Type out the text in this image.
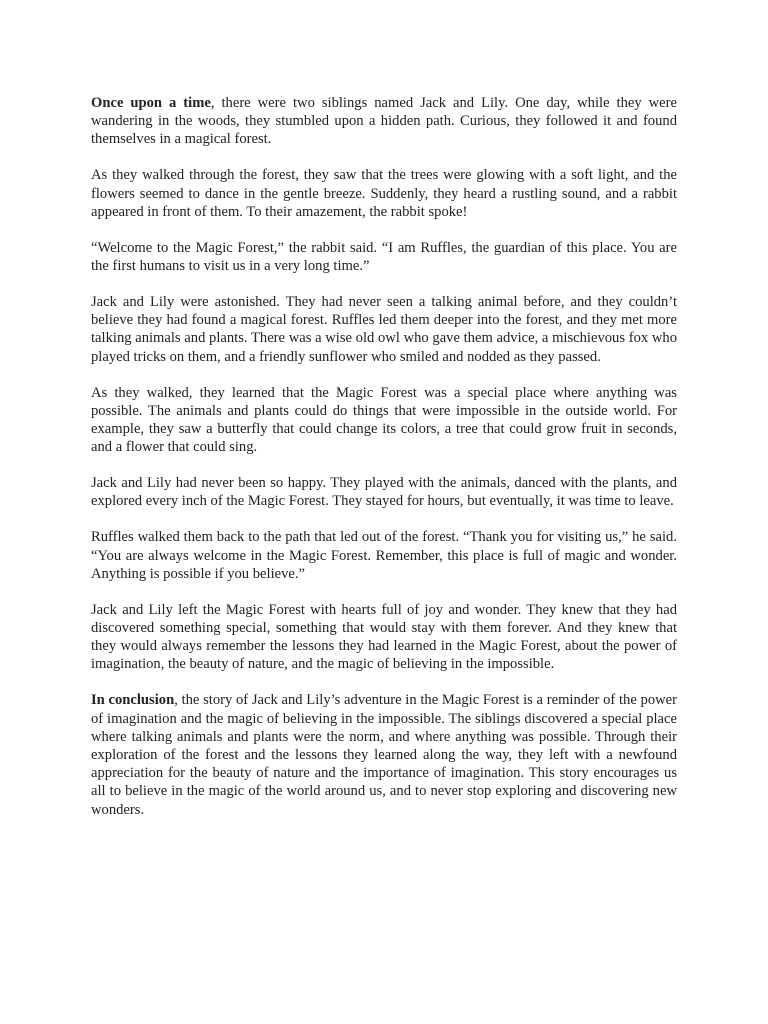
Once upon a time, there were two siblings named Jack and Lily. One day, while they were wandering in the woods, they stumbled upon a hidden path. Curious, they followed it and found themselves in a magical forest.

As they walked through the forest, they saw that the trees were glowing with a soft light, and the flowers seemed to dance in the gentle breeze. Suddenly, they heard a rustling sound, and a rabbit appeared in front of them. To their amazement, the rabbit spoke!

“Welcome to the Magic Forest,” the rabbit said. “I am Ruffles, the guardian of this place. You are the first humans to visit us in a very long time.”

Jack and Lily were astonished. They had never seen a talking animal before, and they couldn’t believe they had found a magical forest. Ruffles led them deeper into the forest, and they met more talking animals and plants. There was a wise old owl who gave them advice, a mischievous fox who played tricks on them, and a friendly sunflower who smiled and nodded as they passed.

As they walked, they learned that the Magic Forest was a special place where anything was possible. The animals and plants could do things that were impossible in the outside world. For example, they saw a butterfly that could change its colors, a tree that could grow fruit in seconds, and a flower that could sing.

Jack and Lily had never been so happy. They played with the animals, danced with the plants, and explored every inch of the Magic Forest. They stayed for hours, but eventually, it was time to leave.

Ruffles walked them back to the path that led out of the forest. “Thank you for visiting us,” he said. “You are always welcome in the Magic Forest. Remember, this place is full of magic and wonder. Anything is possible if you believe.”

Jack and Lily left the Magic Forest with hearts full of joy and wonder. They knew that they had discovered something special, something that would stay with them forever. And they knew that they would always remember the lessons they had learned in the Magic Forest, about the power of imagination, the beauty of nature, and the magic of believing in the impossible.

In conclusion, the story of Jack and Lily’s adventure in the Magic Forest is a reminder of the power of imagination and the magic of believing in the impossible. The siblings discovered a special place where talking animals and plants were the norm, and where anything was possible. Through their exploration of the forest and the lessons they learned along the way, they left with a newfound appreciation for the beauty of nature and the importance of imagination. This story encourages us all to believe in the magic of the world around us, and to never stop exploring and discovering new wonders.
